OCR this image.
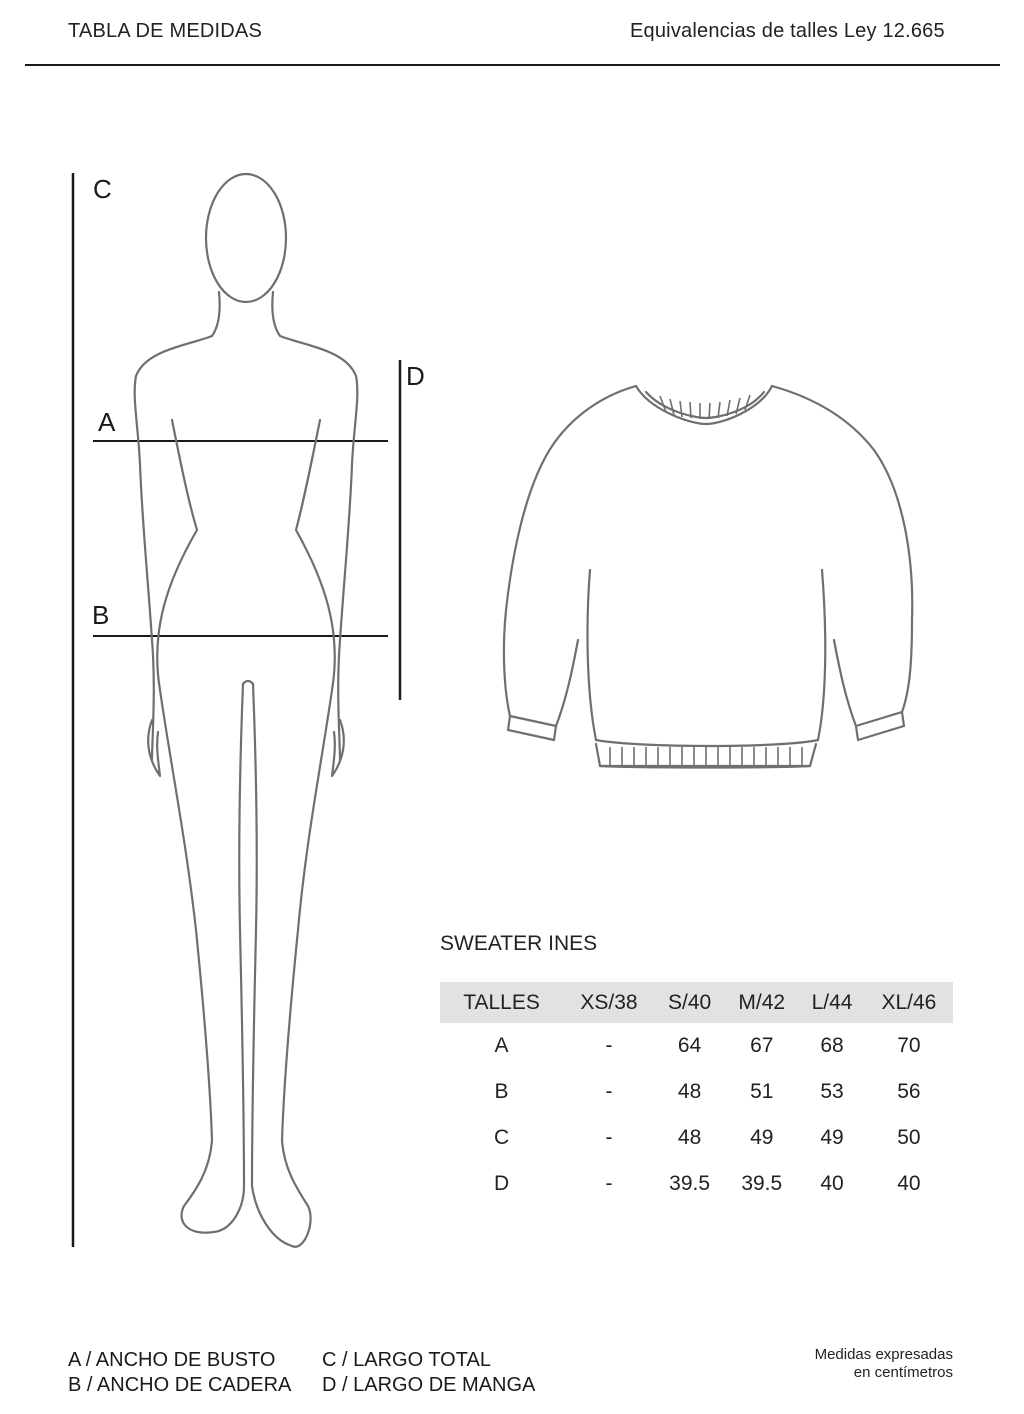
TABLA DE MEDIDAS	Equivalencias de talles Ley 12.665
C
D
A
B
SWEATER INES
TALLES	XS/38	S/40	M/42	L/44	XL/46
A	-	64	67	68	70
B	-	48	51	53	56
C	-	48	49	49	50
D	-	39.5	39.5	40	40
A / ANCHO DE BUSTO
B / ANCHO DE CADERA
C / LARGO TOTAL
D / LARGO DE MANGA
Medidas expresadas
en centímetros
